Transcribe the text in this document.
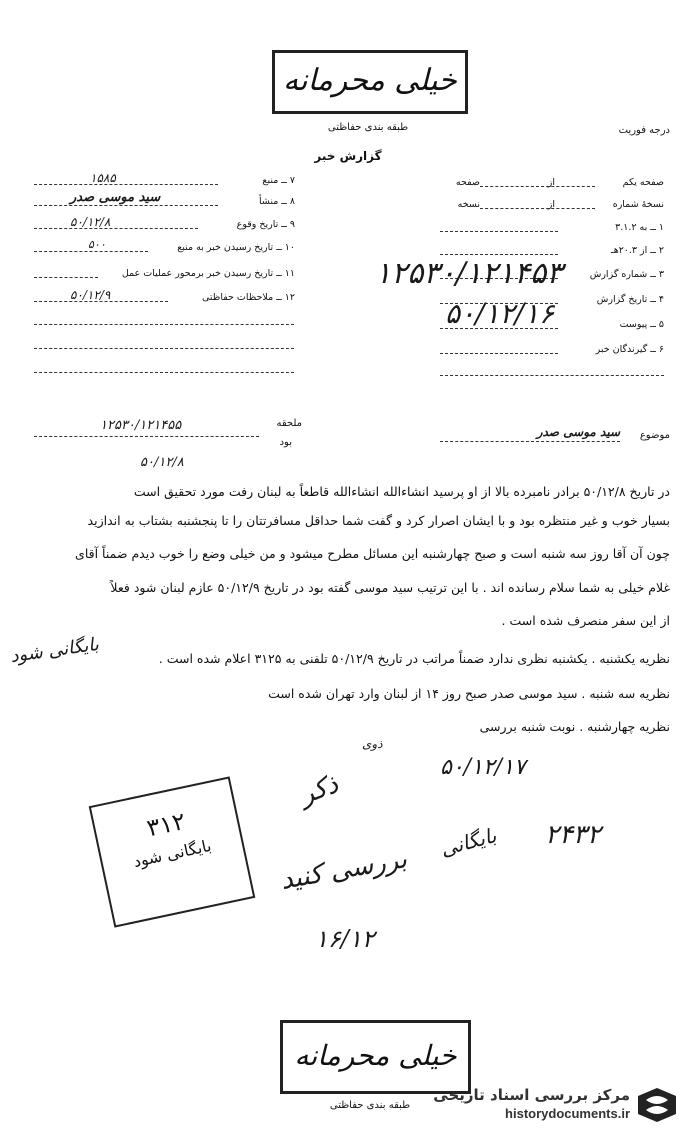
خیلی محرمانه
طبقه بندی حفاظتی	درجه فوریت
گزارش خبر
۷ ــ منبع
۱۵۸۵
۸ ــ منشأ
سید موسی صدر
۹ ــ تاریخ وقوع
۵۰/۱۲/۸
۱۰ ــ تاریخ رسیدن خبر به منبع
۵۰۰
۱۱ ــ تاریخ رسیدن خبر برمحور عملیات عمل
۱۲ ــ ملاحظات حفاظتی
۵۰/۱۲/۹
صفحه یکم
از
صفحه
نسخهٔ شماره
از
نسخه
۱ ــ به ۳.۱.۲
۲ ــ از ۲۰.۳هـ
۳ ــ شماره گزارش
۴ ــ تاریخ گزارش
۵ ــ پیوست
۶ ــ گیرندگان خبر
۱۲۵۳۰/۱۲۱۴۵۳
۵۰/۱۲/۱۶
موضوع
سید موسی صدر
ملحقه
۱۲۵۳۰/۱۲۱۴۵۵
بود
۵۰/۱۲/۸
در تاریخ ۵۰/۱۲/۸ برادر نامبرده بالا از او پرسید انشاءالله انشاءالله قاطعاً به لبنان رفت مورد تحقیق است
بسیار خوب و غیر منتظره بود و با ایشان اصرار کرد و گفت شما حداقل مسافرتتان را تا پنجشنبه بشتاب به اندازید
چون آن آقا روز سه شنبه است و صبح چهارشنبه این مسائل مطرح میشود و من خیلی وضع را خوب دیدم ضمناً آقای
غلام خیلی به شما سلام رسانده اند . با این ترتیب سید موسی گفته بود در تاریخ ۵۰/۱۲/۹ عازم لبنان شود فعلاً
از این سفر منصرف شده است .
نظریه یکشنبه . یکشنبه نظری ندارد ضمناً مراتب در تاریخ ۵۰/۱۲/۹ تلفنی به ۳۱۲۵ اعلام شده است .
نظریه سه شنبه . سید موسی صدر صبح روز ۱۴ از لبنان وارد تهران شده است
نظریه چهارشنبه . نوبت شنبه بررسی
بایگانی شود
ذوی
۵۰/۱۲/۱۷
۲۴۳۲
بایگانی
ذکر
بررسی کنید
۱۶/۱۲
۳۱۲
بایگانی شود
خیلی محرمانه
طبقه بندی حفاظتی
مرکز بررسی اسناد تاریخی
historydocuments.ir
